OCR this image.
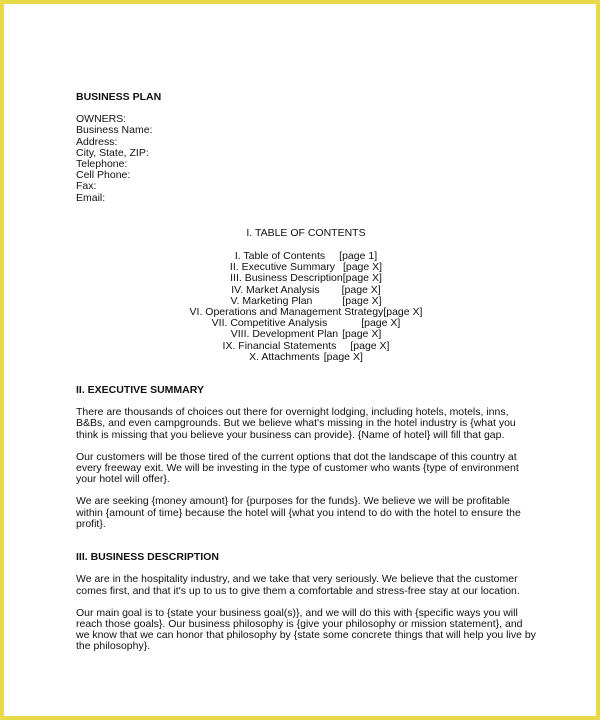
BUSINESS PLAN
OWNERS:
Business Name:
Address:
City, State, ZIP:
Telephone:
Cell Phone:
Fax:
Email:
I. TABLE OF CONTENTS
I. Table of Contents [page 1]
II. Executive Summary [page X]
III. Business Description [page X]
IV. Market Analysis [page X]
V. Marketing Plan	[page X]
VI. Operations and Management Strategy [page X]
VII. Competitive Analysis	[page X]
VIII. Development Plan [page X]
IX. Financial Statements [page X]
X. Attachments [page X]
II. EXECUTIVE SUMMARY

There are thousands of choices out there for overnight lodging, including hotels, motels, inns, B&Bs, and even campgrounds. But we believe what's missing in the hotel industry is {what you think is missing that you believe your business can provide}. {Name of hotel} will fill that gap.

Our customers will be those tired of the current options that dot the landscape of this country at every freeway exit. We will be investing in the type of customer who wants {type of environment your hotel will offer}.

We are seeking {money amount} for {purposes for the funds}. We believe we will be profitable within {amount of time} because the hotel will {what you intend to do with the hotel to ensure the profit}.

III. BUSINESS DESCRIPTION

We are in the hospitality industry, and we take that very seriously. We believe that the customer comes first, and that it's up to us to give them a comfortable and stress-free stay at our location.

Our main goal is to {state your business goal(s)}, and we will do this with {specific ways you will reach those goals}. Our business philosophy is {give your philosophy or mission statement}, and we know that we can honor that philosophy by {state some concrete things that will help you live by the philosophy}.
